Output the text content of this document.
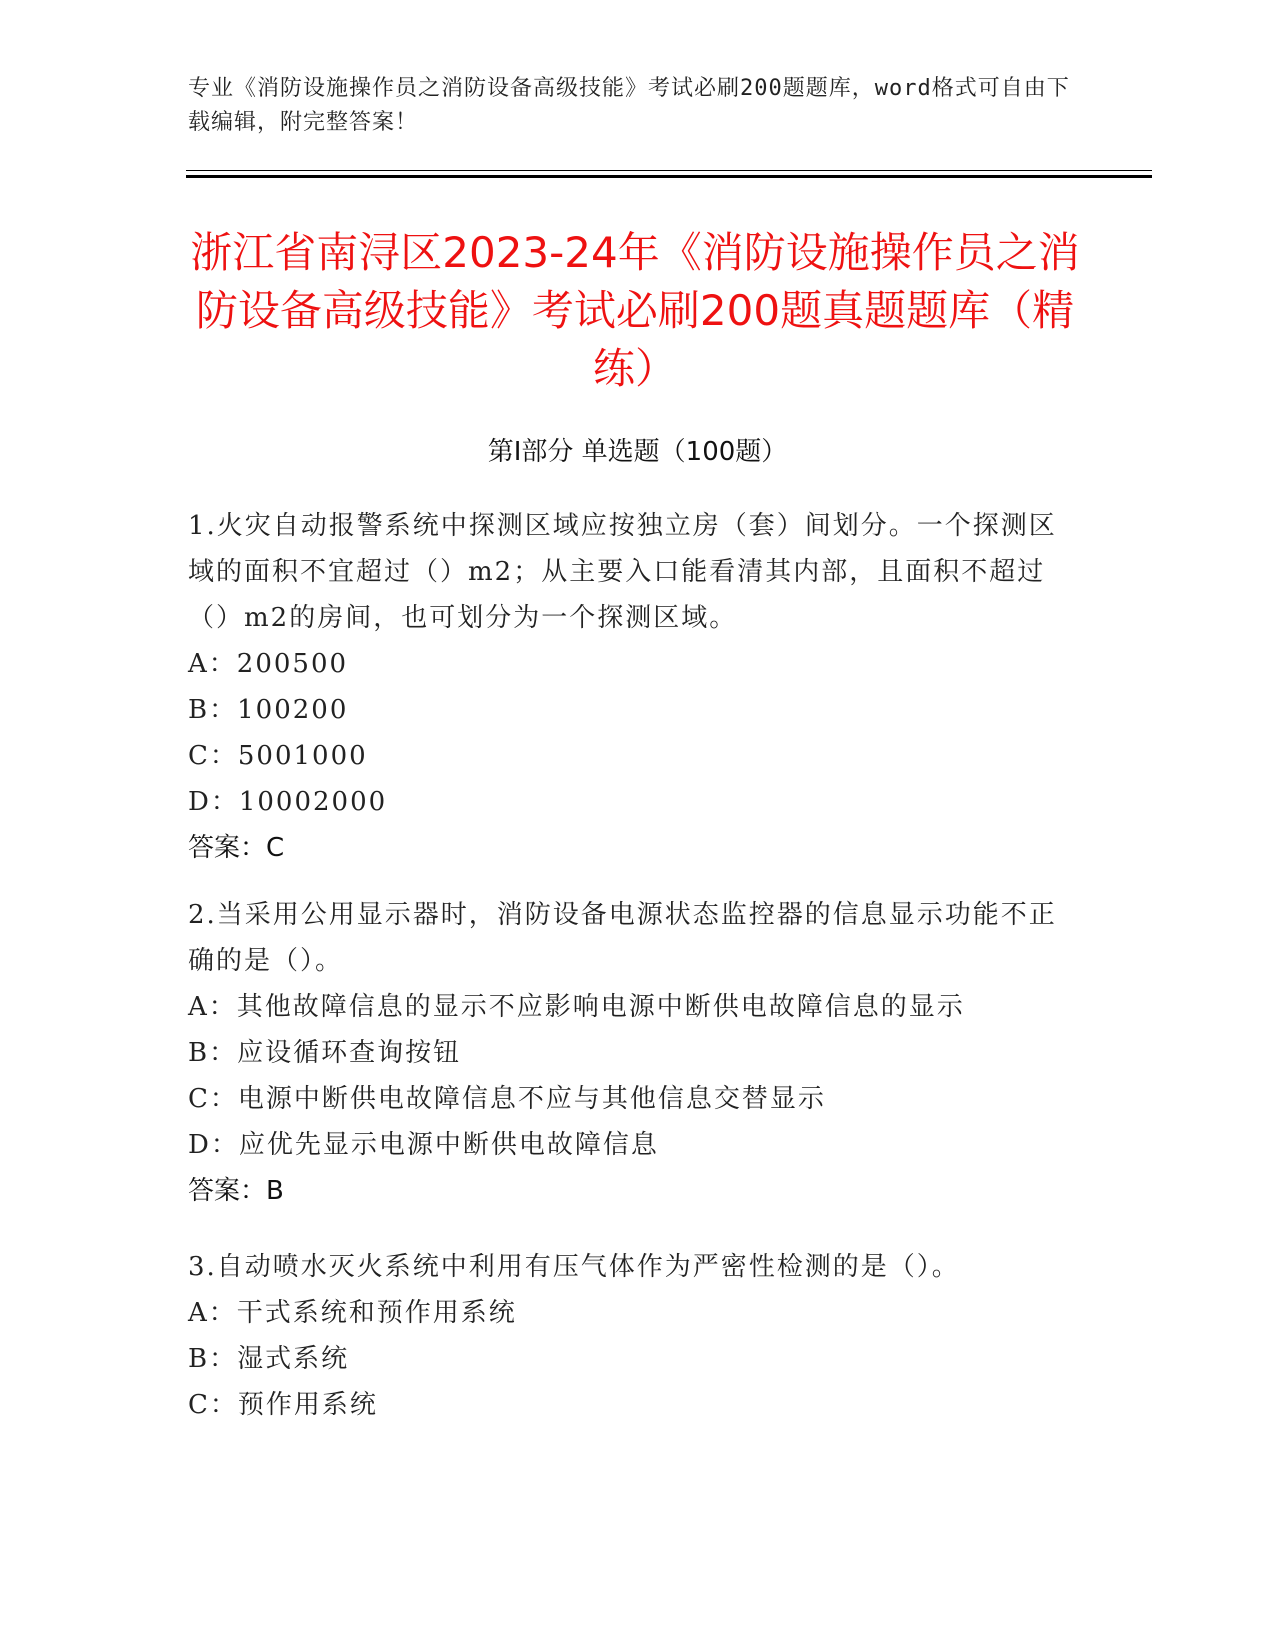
专业《消防设施操作员之消防设备高级技能》考试必刷200题题库，word格式可自由下载编辑，附完整答案！
浙江省南浔区2023-24年《消防设施操作员之消防设备高级技能》考试必刷200题真题题库（精练）
第I部分 单选题（100题）
1.火灾自动报警系统中探测区域应按独立房（套）间划分。一个探测区域的面积不宜超过（）m2；从主要入口能看清其内部，且面积不超过（）m2的房间，也可划分为一个探测区域。
A：200500
B：100200
C：5001000
D：10002000
答案：C
2.当采用公用显示器时，消防设备电源状态监控器的信息显示功能不正确的是（）。
A：其他故障信息的显示不应影响电源中断供电故障信息的显示
B：应设循环查询按钮
C：电源中断供电故障信息不应与其他信息交替显示
D：应优先显示电源中断供电故障信息
答案：B
3.自动喷水灭火系统中利用有压气体作为严密性检测的是（）。
A：干式系统和预作用系统
B：湿式系统
C：预作用系统
